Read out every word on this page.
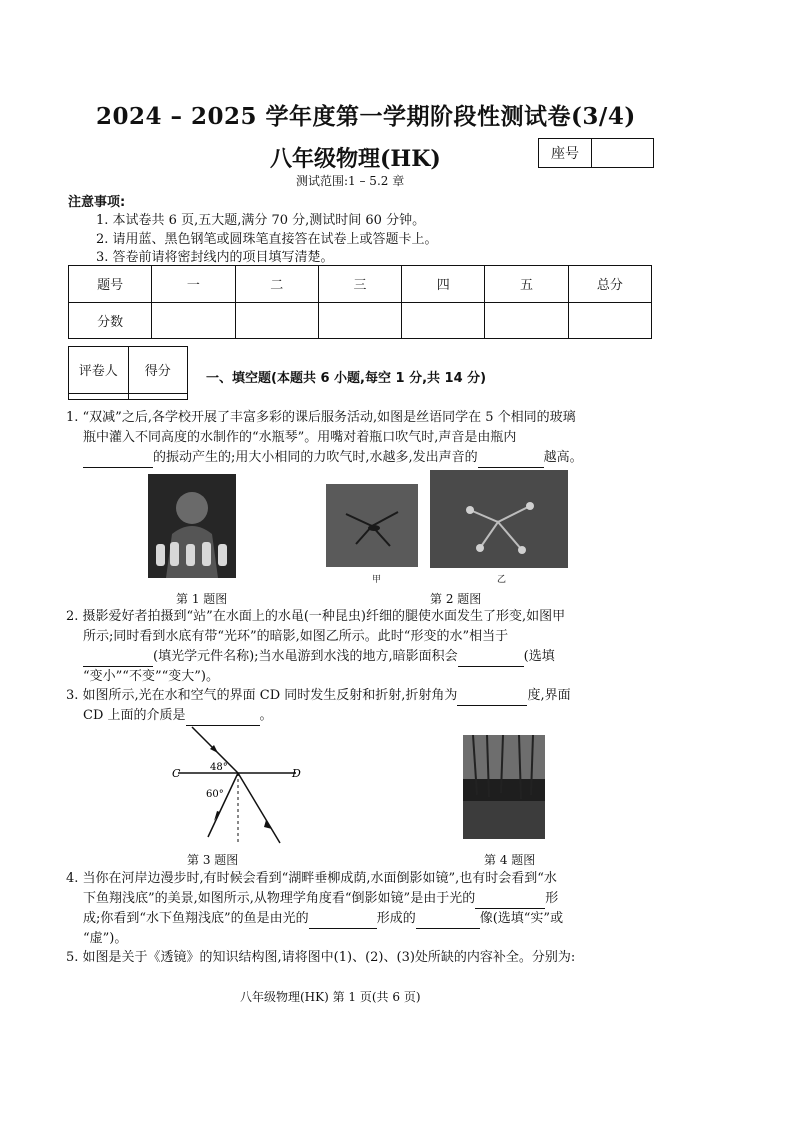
2024 – 2025 学年度第一学期阶段性测试卷(3/4)
八年级物理(HK)	座号
测试范围:1 – 5.2 章
注意事项:
1. 本试卷共 6 页,五大题,满分 70 分,测试时间 60 分钟。
2. 请用蓝、黑色钢笔或圆珠笔直接答在试卷上或答题卡上。
3. 答卷前请将密封线内的项目填写清楚。
题号	一	二	三	四	五	总分
分数						
评卷人	得分
		一、填空题(本题共 6 小题,每空 1 分,共 14 分)
1. “双减”之后,各学校开展了丰富多彩的课后服务活动,如图是丝语同学在 5 个相同的玻璃
瓶中灌入不同高度的水制作的“水瓶琴”。用嘴对着瓶口吹气时,声音是由瓶内
的振动产生的;用大小相同的力吹气时,水越多,发出声音的	越高。
甲	乙
第 1 题图	第 2 题图
2. 摄影爱好者拍摄到“站”在水面上的水黾(一种昆虫)纤细的腿使水面发生了形变,如图甲
所示;同时看到水底有带“光环”的暗影,如图乙所示。此时“形变的水”相当于
(填光学元件名称);当水黾游到水浅的地方,暗影面积会	(选填
“变小”“不变”“变大”)。
3. 如图所示,光在水和空气的界面 CD 同时发生反射和折射,折射角为	度,界面
CD 上面的介质是	。
C	D
48°
60°
第 3 题图	第 4 题图
4. 当你在河岸边漫步时,有时候会看到“湖畔垂柳成荫,水面倒影如镜”,也有时会看到“水
下鱼翔浅底”的美景,如图所示,从物理学角度看“倒影如镜”是由于光的	形
成;你看到“水下鱼翔浅底”的鱼是由光的	形成的	像(选填“实”或
“虚”)。
5. 如图是关于《透镜》的知识结构图,请将图中(1)、(2)、(3)处所缺的内容补全。分别为:
八年级物理(HK) 第 1 页(共 6 页)
